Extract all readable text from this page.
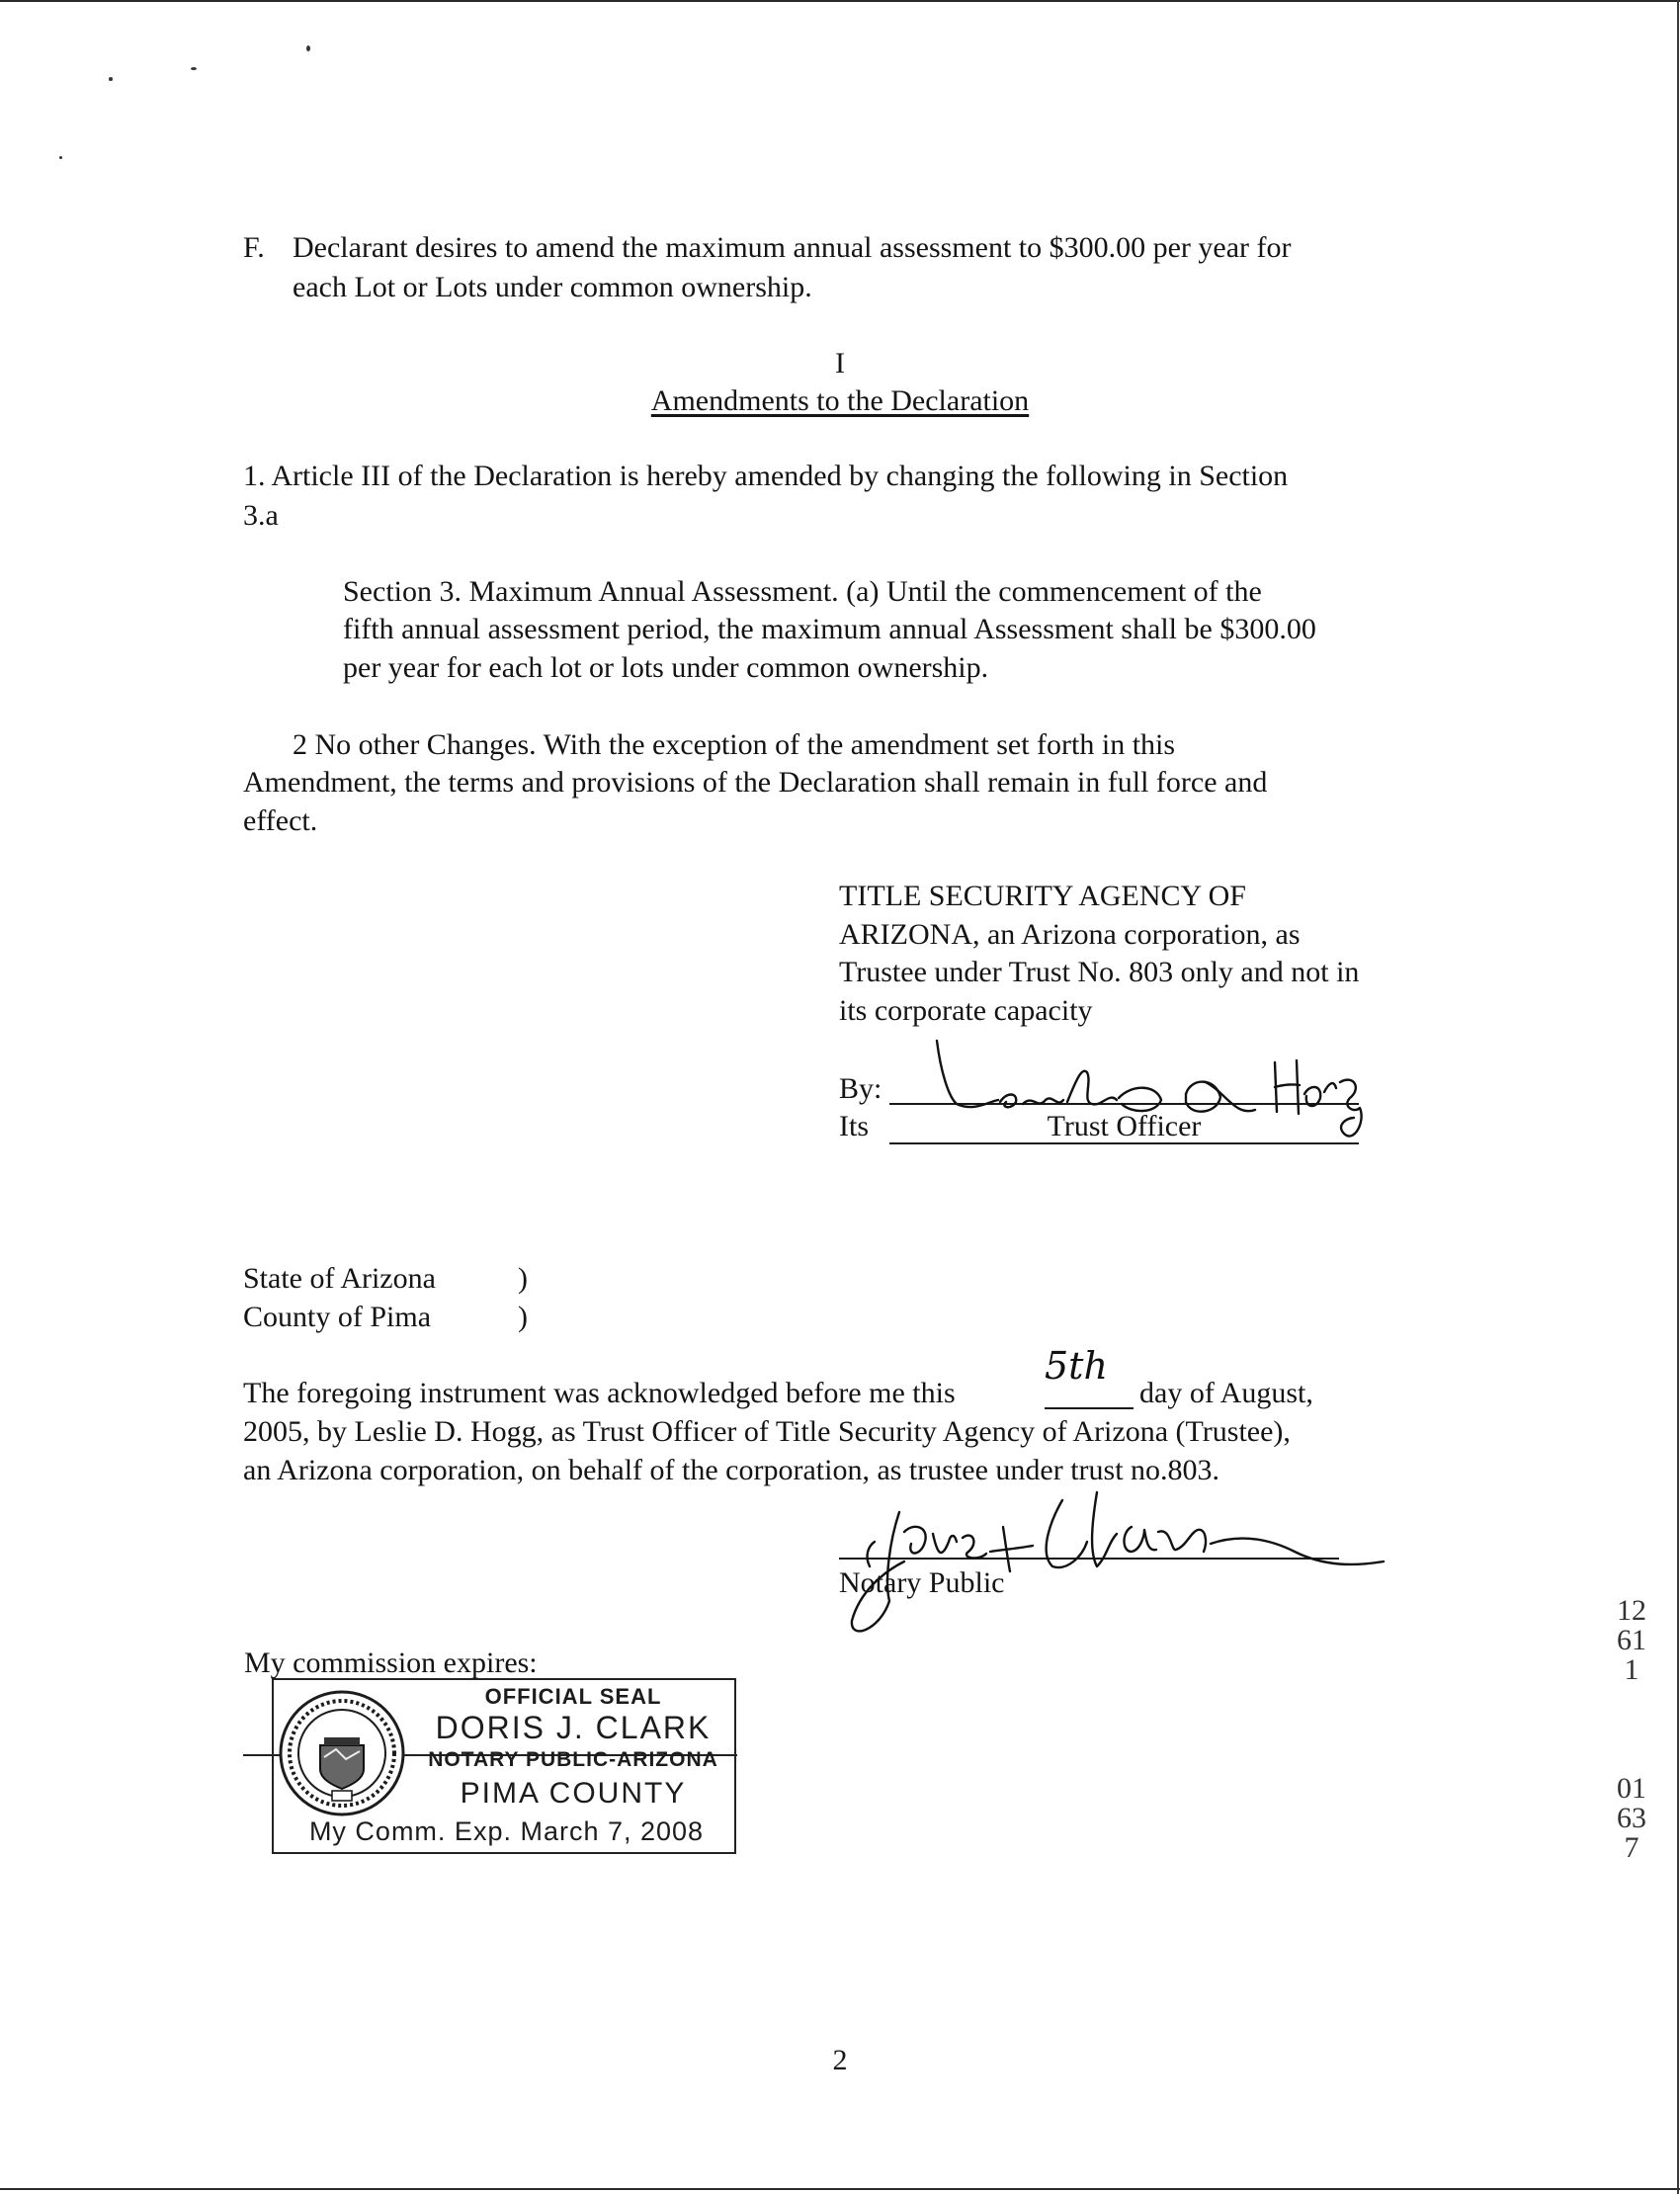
F. Declarant desires to amend the maximum annual assessment to $300.00 per year for
each Lot or Lots under common ownership.
I
Amendments to the Declaration
1. Article III of the Declaration is hereby amended by changing the following in Section
3.a
Section 3. Maximum Annual Assessment. (a) Until the commencement of the
fifth annual assessment period, the maximum annual Assessment shall be $300.00
per year for each lot or lots under common ownership.
2 No other Changes. With the exception of the amendment set forth in this
Amendment, the terms and provisions of the Declaration shall remain in full force and
effect.
TITLE SECURITY AGENCY OF
ARIZONA, an Arizona corporation, as
Trustee under Trust No. 803 only and not in
its corporate capacity
By:
Its	Trust Officer
State of Arizona	)
County of Pima	)
The foregoing instrument was acknowledged before me this
5th
day of August,
2005, by Leslie D. Hogg, as Trust Officer of Title Security Agency of Arizona (Trustee),
an Arizona corporation, on behalf of the corporation, as trustee under trust no.803.
Notary Public
My commission expires:
OFFICIAL SEAL
DORIS J. CLARK
NOTARY PUBLIC-ARIZONA
PIMA COUNTY
My Comm. Exp. March 7, 2008
2
12611
01637
